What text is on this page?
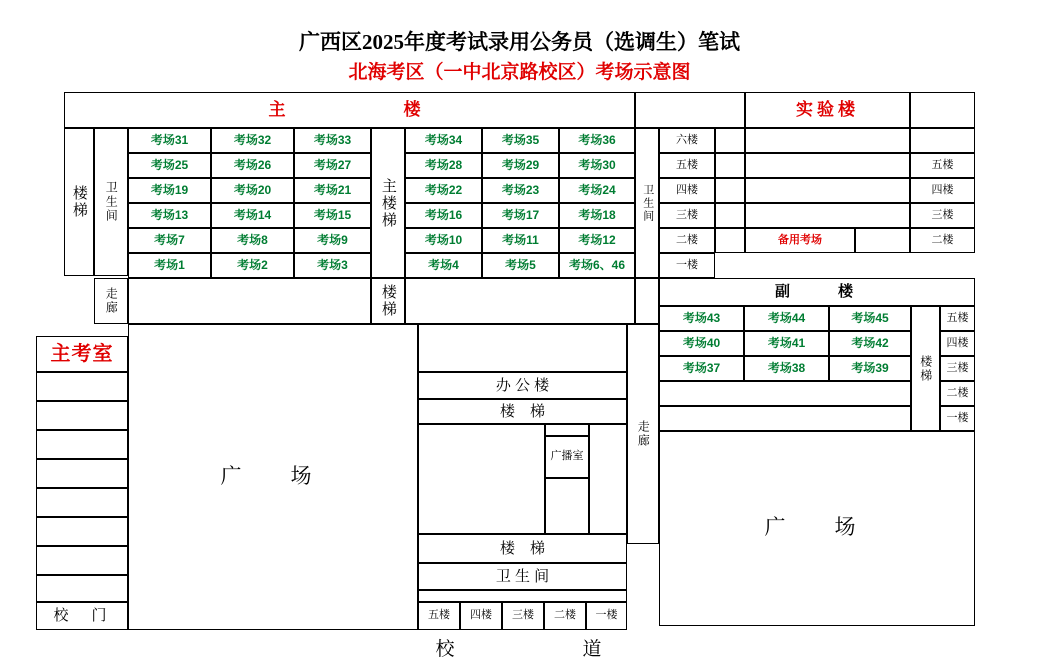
广西区2025年度考试录用公务员（选调生）笔试
北海考区（一中北京路校区）考场示意图
主　　　　楼	实验楼
楼梯 卫生间
考场31	考场32	考场33
考场25	考场26	考场27
考场19	考场20	考场21
考场13	考场14	考场15
考场7	考场8	考场9
考场1	考场2	考场3
主楼梯
考场34	考场35	考场36
考场28	考场29	考场30
考场22	考场23	考场24
考场16	考场17	考场18
考场10	考场11	考场12
考场4	考场5	考场6、46
卫生间
六楼
五楼
四楼
三楼
二楼
一楼
五楼
四楼
三楼
备用考场	二楼
走廊	楼梯	副　　楼
考场43	考场44	考场45	五楼
考场40	考场41	考场42	四楼
考场37	考场38	考场39	三楼
二楼
一楼
楼梯
走廊
广　场
主考室
校　门
广　场
办 公 楼
楼　梯
广播室
楼　梯
卫 生 间
五楼	四楼	三楼	二楼	一楼
校　　　　　　道
